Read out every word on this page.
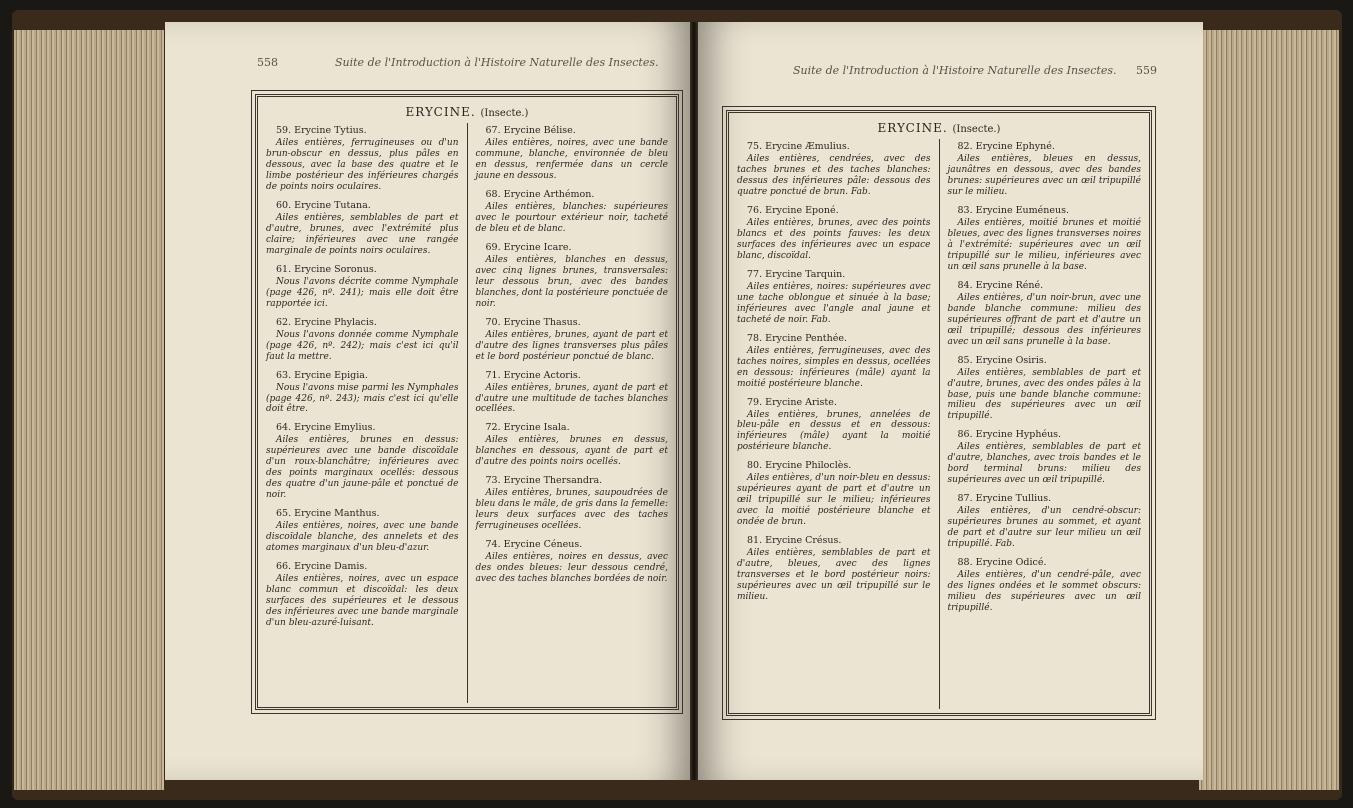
558	Suite de l'Introduction à l'Histoire Naturelle des Insectes.
ERYCINE. (Insecte.)
59. Erycine Tytius.
Ailes entières, ferrugineuses ou d'un brun-obscur en dessus, plus pâles en dessous, avec la base des quatre et le limbe postérieur des inférieures chargés de points noirs oculaires.
60. Erycine Tutana.
Ailes entières, semblables de part et d'autre, brunes, avec l'extrémité plus claire; inférieures avec une rangée marginale de points noirs oculaires.
61. Erycine Soronus.
Nous l'avons décrite comme Nymphale (page 426, nº. 241); mais elle doit être rapportée ici.
62. Erycine Phylacis.
Nous l'avons donnée comme Nymphale (page 426, nº. 242); mais c'est ici qu'il faut la mettre.
63. Erycine Epigia.
Nous l'avons mise parmi les Nymphales (page 426, nº. 243); mais c'est ici qu'elle doit être.
64. Erycine Emylius.
Ailes entières, brunes en dessus: supérieures avec une bande discoïdale d'un roux-blanchâtre; inférieures avec des points marginaux ocellés: dessous des quatre d'un jaune-pâle et ponctué de noir.
65. Erycine Manthus.
Ailes entières, noires, avec une bande discoïdale blanche, des annelets et des atomes marginaux d'un bleu-d'azur.
66. Erycine Damis.
Ailes entières, noires, avec un espace blanc commun et discoïdal: les deux surfaces des supérieures et le dessous des inférieures avec une bande marginale d'un bleu-azuré-luisant.
67. Erycine Bélise.
Ailes entières, noires, avec une bande commune, blanche, environnée de bleu en dessus, renfermée dans un cercle jaune en dessous.
68. Erycine Arthémon.
Ailes entières, blanches: supérieures avec le pourtour extérieur noir, tacheté de bleu et de blanc.
69. Erycine Icare.
Ailes entières, blanches en dessus, avec cinq lignes brunes, transversales: leur dessous brun, avec des bandes blanches, dont la postérieure ponctuée de noir.
70. Erycine Thasus.
Ailes entières, brunes, ayant de part et d'autre des lignes transverses plus pâles et le bord postérieur ponctué de blanc.
71. Erycine Actoris.
Ailes entières, brunes, ayant de part et d'autre une multitude de taches blanches ocellées.
72. Erycine Isala.
Ailes entières, brunes en dessus, blanches en dessous, ayant de part et d'autre des points noirs ocellés.
73. Erycine Thersandra.
Ailes entières, brunes, saupoudrées de bleu dans le mâle, de gris dans la femelle: leurs deux surfaces avec des taches ferrugineuses ocellées.
74. Erycine Céneus.
Ailes entières, noires en dessus, avec des ondes bleues: leur dessous cendré, avec des taches blanches bordées de noir.
Suite de l'Introduction à l'Histoire Naturelle des Insectes. 559
ERYCINE. (Insecte.)
75. Erycine Æmulius.
Ailes entières, cendrées, avec des taches brunes et des taches blanches: dessus des inférieures pâle: dessous des quatre ponctué de brun. Fab.
76. Erycine Eponé.
Ailes entières, brunes, avec des points blancs et des points fauves: les deux surfaces des inférieures avec un espace blanc, discoïdal.
77. Erycine Tarquin.
Ailes entières, noires: supérieures avec une tache oblongue et sinuée à la base; inférieures avec l'angle anal jaune et tacheté de noir. Fab.
78. Erycine Penthée.
Ailes entières, ferrugineuses, avec des taches noires, simples en dessus, ocellées en dessous: inférieures (mâle) ayant la moitié postérieure blanche.
79. Erycine Ariste.
Ailes entières, brunes, annelées de bleu-pâle en dessus et en dessous: inférieures (mâle) ayant la moitié postérieure blanche.
80. Erycine Philoclès.
Ailes entières, d'un noir-bleu en dessus: supérieures ayant de part et d'autre un œil tripupillé sur le milieu; inférieures avec la moitié postérieure blanche et ondée de brun.
81. Erycine Crésus.
Ailes entières, semblables de part et d'autre, bleues, avec des lignes transverses et le bord postérieur noirs: supérieures avec un œil tripupillé sur le milieu.
82. Erycine Ephyné.
Ailes entières, bleues en dessus, jaunâtres en dessous, avec des bandes brunes: supérieures avec un œil tripupillé sur le milieu.
83. Erycine Euméneus.
Ailes entières, moitié brunes et moitié bleues, avec des lignes transverses noires à l'extrémité: supérieures avec un œil tripupillé sur le milieu, inférieures avec un œil sans prunelle à la base.
84. Erycine Réné.
Ailes entières, d'un noir-brun, avec une bande blanche commune: milieu des supérieures offrant de part et d'autre un œil tripupillé; dessous des inférieures avec un œil sans prunelle à la base.
85. Erycine Osiris.
Ailes entières, semblables de part et d'autre, brunes, avec des ondes pâles à la base, puis une bande blanche commune: milieu des supérieures avec un œil tripupillé.
86. Erycine Hyphéus.
Ailes entières, semblables de part et d'autre, blanches, avec trois bandes et le bord terminal bruns: milieu des supérieures avec un œil tripupillé.
87. Erycine Tullius.
Ailes entières, d'un cendré-obscur: supérieures brunes au sommet, et ayant de part et d'autre sur leur milieu un œil tripupillé. Fab.
88. Erycine Odicé.
Ailes entières, d'un cendré-pâle, avec des lignes ondées et le sommet obscurs: milieu des supérieures avec un œil tripupillé.
